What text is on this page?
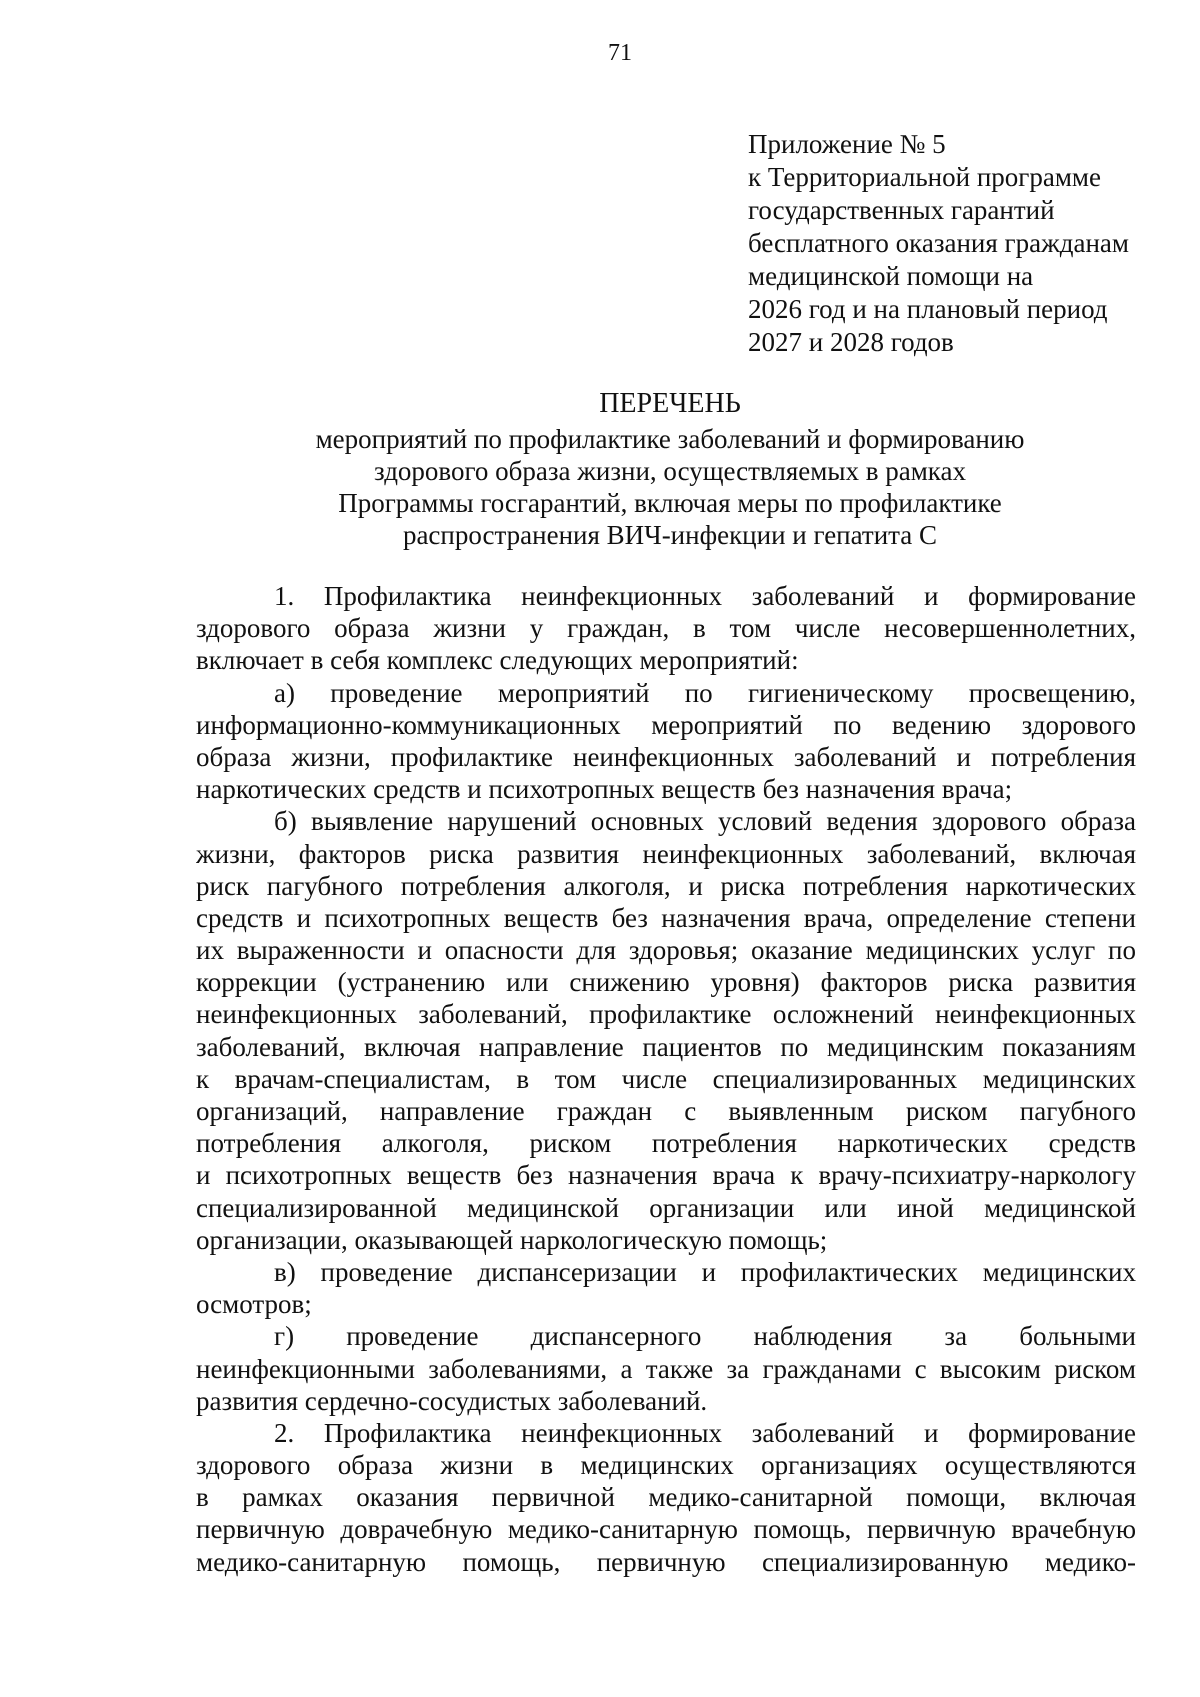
71
Приложение № 5
к Территориальной программе
государственных гарантий
бесплатного оказания гражданам
медицинской помощи на
2026 год и на плановый период
2027 и 2028 годов
ПЕРЕЧЕНЬ
мероприятий по профилактике заболеваний и формированию
здорового образа жизни, осуществляемых в рамках
Программы госгарантий, включая меры по профилактике
распространения ВИЧ-инфекции и гепатита С
1. Профилактика неинфекционных заболеваний и формирование
здорового образа жизни у граждан, в том числе несовершеннолетних,
включает в себя комплекс следующих мероприятий:
а) проведение мероприятий по гигиеническому просвещению,
информационно-коммуникационных мероприятий по ведению здорового
образа жизни, профилактике неинфекционных заболеваний и потребления
наркотических средств и психотропных веществ без назначения врача;
б) выявление нарушений основных условий ведения здорового образа
жизни, факторов риска развития неинфекционных заболеваний, включая
риск пагубного потребления алкоголя, и риска потребления наркотических
средств и психотропных веществ без назначения врача, определение степени
их выраженности и опасности для здоровья; оказание медицинских услуг по
коррекции (устранению или снижению уровня) факторов риска развития
неинфекционных заболеваний, профилактике осложнений неинфекционных
заболеваний, включая направление пациентов по медицинским показаниям
к врачам-специалистам, в том числе специализированных медицинских
организаций, направление граждан с выявленным риском пагубного
потребления алкоголя, риском потребления наркотических средств
и психотропных веществ без назначения врача к врачу-психиатру-наркологу
специализированной медицинской организации или иной медицинской
организации, оказывающей наркологическую помощь;
в) проведение диспансеризации и профилактических медицинских
осмотров;
г) проведение диспансерного наблюдения за больными
неинфекционными заболеваниями, а также за гражданами с высоким риском
развития сердечно-сосудистых заболеваний.
2. Профилактика неинфекционных заболеваний и формирование
здорового образа жизни в медицинских организациях осуществляются
в рамках оказания первичной медико-санитарной помощи, включая
первичную доврачебную медико-санитарную помощь, первичную врачебную
медико-санитарную помощь, первичную специализированную медико-
